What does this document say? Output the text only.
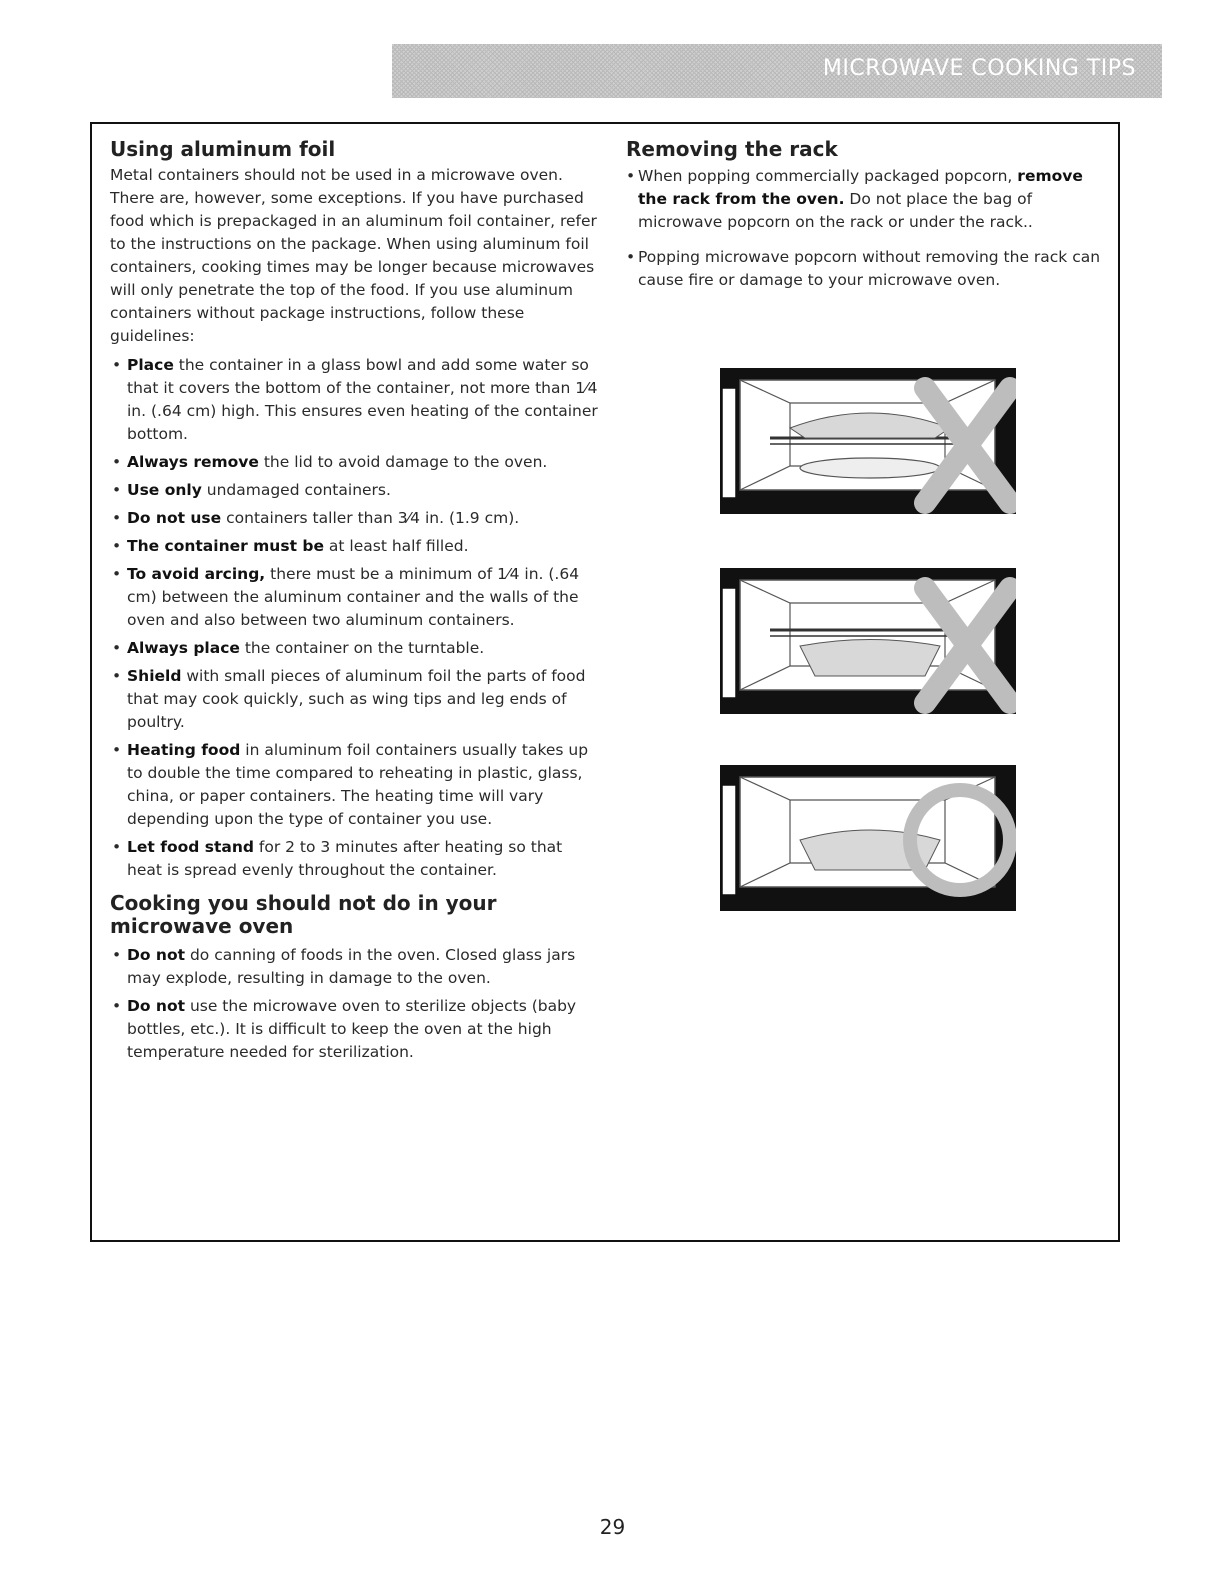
MICROWAVE COOKING TIPS
Using aluminum foil

Metal containers should not be used in a microwave oven. There are, however, some exceptions. If you have purchased food which is prepackaged in an aluminum foil container, refer to the instructions on the package. When using aluminum foil containers, cooking times may be longer because microwaves will only penetrate the top of the food. If you use aluminum containers without package instructions, follow these guidelines:

• Place the container in a glass bowl and add some water so that it covers the bottom of the container, not more than 1⁄4 in. (.64 cm) high. This ensures even heating of the container bottom.
• Always remove the lid to avoid damage to the oven.
• Use only undamaged containers.
• Do not use containers taller than 3⁄4 in. (1.9 cm).
• The container must be at least half filled.
• To avoid arcing, there must be a minimum of 1⁄4 in. (.64 cm) between the aluminum container and the walls of the oven and also between two aluminum containers.
• Always place the container on the turntable.
• Shield with small pieces of aluminum foil the parts of food that may cook quickly, such as wing tips and leg ends of poultry.
• Heating food in aluminum foil containers usually takes up to double the time compared to reheating in plastic, glass, china, or paper containers. The heating time will vary depending upon the type of container you use.
• Let food stand for 2 to 3 minutes after heating so that heat is spread evenly throughout the container.
Cooking you should not do in your microwave oven
• Do not do canning of foods in the oven. Closed glass jars may explode, resulting in damage to the oven.
• Do not use the microwave oven to sterilize objects (baby bottles, etc.). It is difficult to keep the oven at the high temperature needed for sterilization.
Removing the rack
• When popping commercially packaged popcorn, remove the rack from the oven. Do not place the bag of microwave popcorn on the rack or under the rack..
• Popping microwave popcorn without removing the rack can cause fire or damage to your microwave oven.
29
